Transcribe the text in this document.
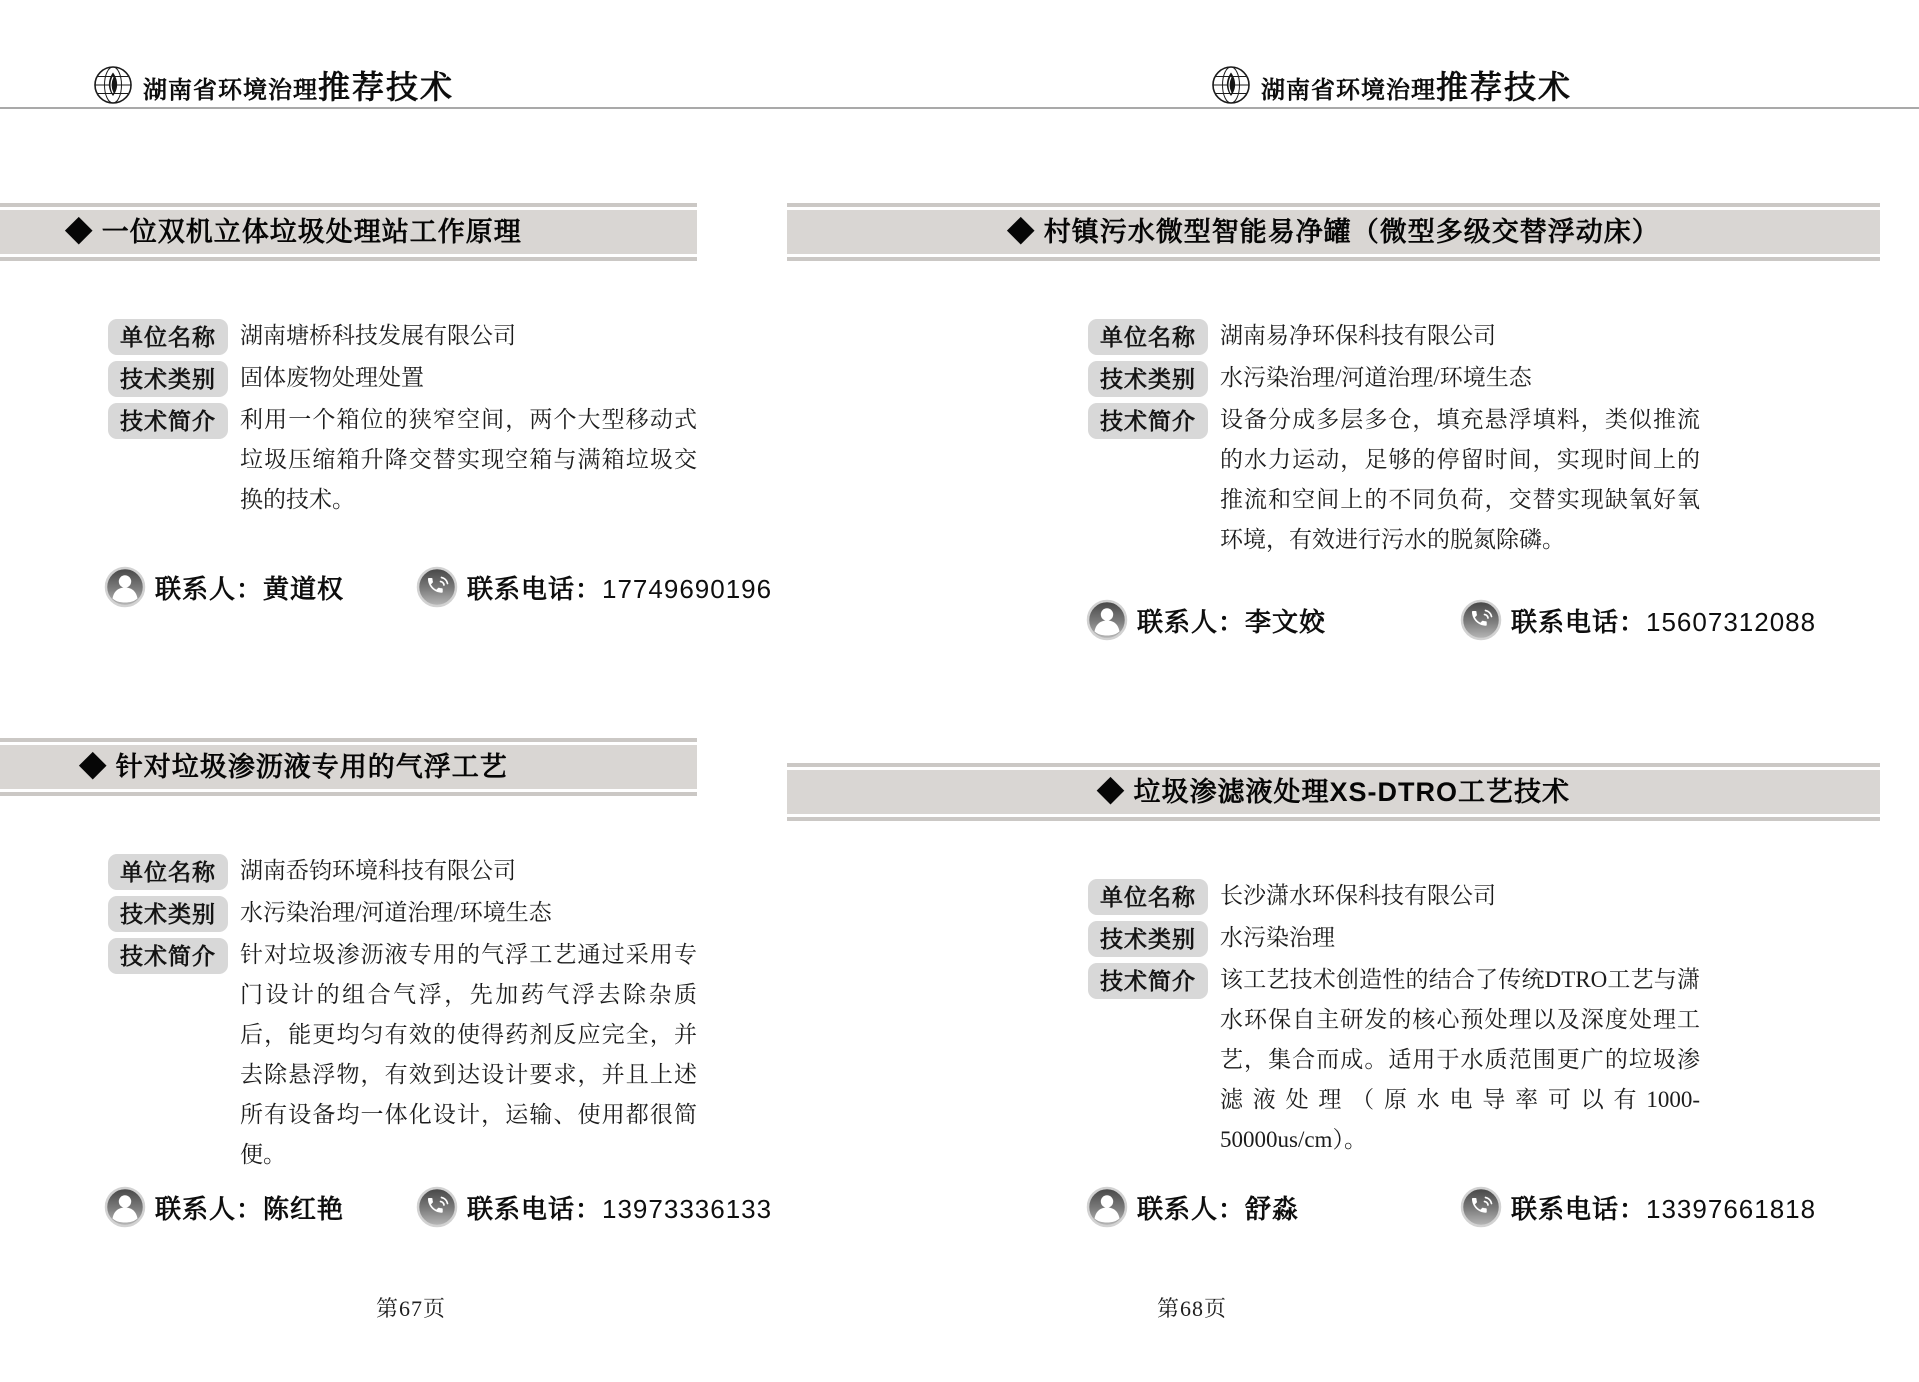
湖南省环境治理 推荐技术	湖南省环境治理 推荐技术
◆ 一位双机立体垃圾处理站工作原理
单位名称	湖南塘桥科技发展有限公司
技术类别	固体废物处理处置
技术简介	利用一个箱位的狭窄空间，两个大型移动式垃圾压缩箱升降交替实现空箱与满箱垃圾交换的技术。
◆ 针对垃圾渗沥液专用的气浮工艺
单位名称	湖南岙钧环境科技有限公司
技术类别	水污染治理/河道治理/环境生态
技术简介	针对垃圾渗沥液专用的气浮工艺通过采用专门设计的组合气浮，先加药气浮去除杂质后，能更均匀有效的使得药剂反应完全，并去除悬浮物，有效到达设计要求，并且上述所有设备均一体化设计，运输、使用都很简便。
◆ 村镇污水微型智能易净罐（微型多级交替浮动床）
单位名称	湖南易净环保科技有限公司
技术类别	水污染治理/河道治理/环境生态
技术简介	设备分成多层多仓，填充悬浮填料，类似推流的水力运动，足够的停留时间，实现时间上的推流和空间上的不同负荷，交替实现缺氧好氧环境，有效进行污水的脱氮除磷。
◆ 垃圾渗滤液处理XS-DTRO工艺技术
单位名称	长沙潇水环保科技有限公司
技术类别	水污染治理
技术简介	该工艺技术创造性的结合了传统DTRO工艺与潇水环保自主研发的核心预处理以及深度处理工艺，集合而成。适用于水质范围更广的垃圾渗滤液处理（原水电导率可以有1000-50000us/cm）。
联系人：黄道权	联系电话：17749690196
联系人：陈红艳	联系电话：13973336133
联系人：李文姣	联系电话：15607312088
联系人：舒淼	联系电话：13397661818
第67页	第68页
